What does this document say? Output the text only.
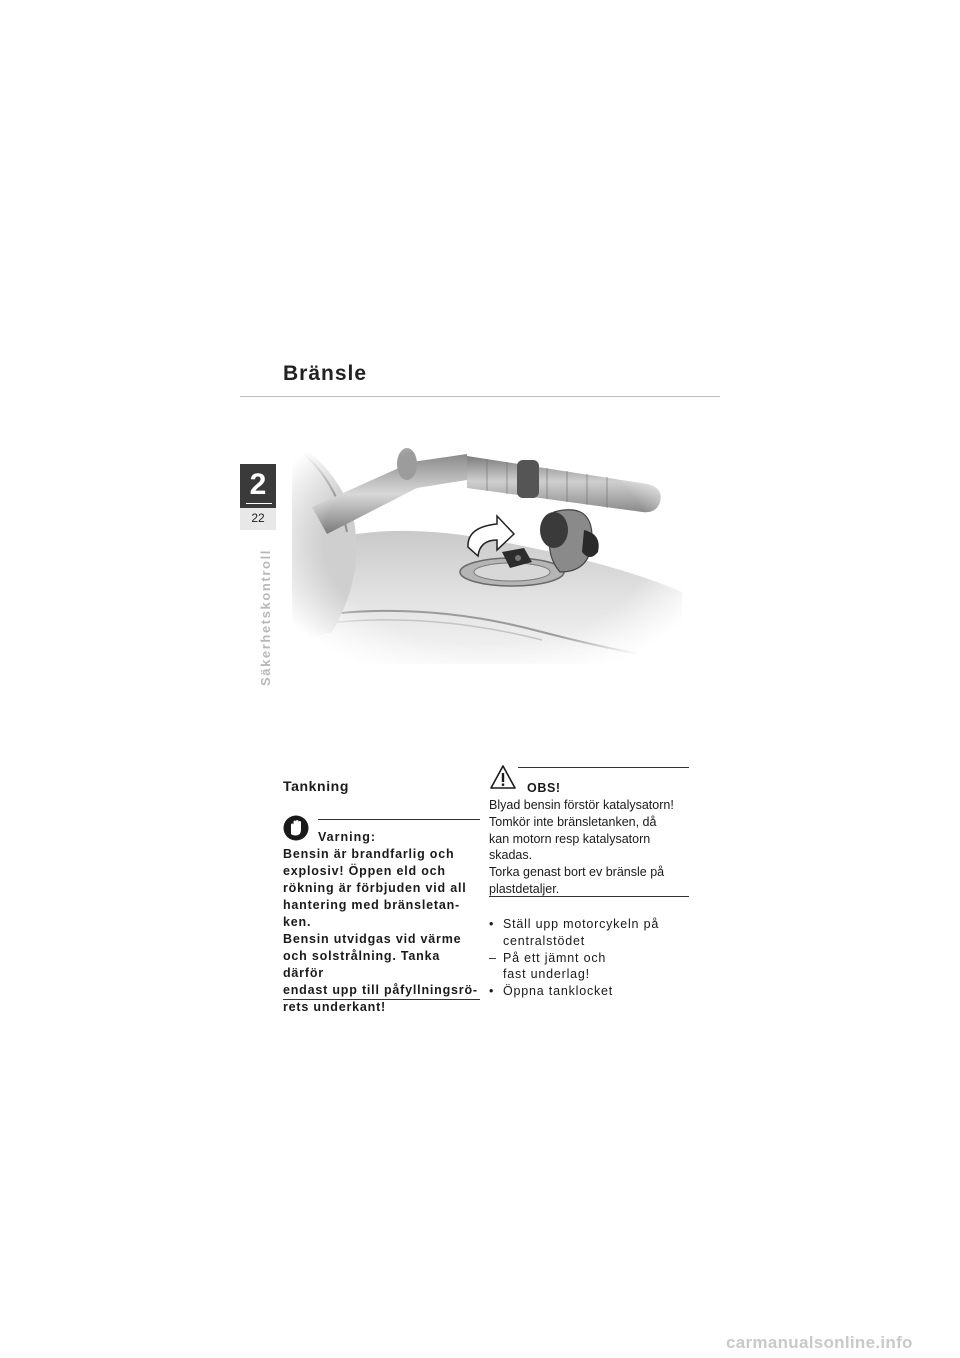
Bränsle
2
22
Säkerhetskontroll
Tankning
Varning:

Bensin är brandfarlig och
explosiv! Öppen eld och
rökning är förbjuden vid all
hantering med bränsletan-
ken.
Bensin utvidgas vid värme
och solstrålning. Tanka därför
endast upp till påfyllningsrö-
rets underkant!

OBS!

Blyad bensin förstör katalysatorn!
Tomkör inte bränsletanken, då
kan motorn resp katalysatorn
skadas.
Torka genast bort ev bränsle på
plastdetaljer.

• Ställ upp motorcykeln på
centralstödet
– På ett jämnt och
fast underlag!
• Öppna tanklocket
carmanualsonline.info
